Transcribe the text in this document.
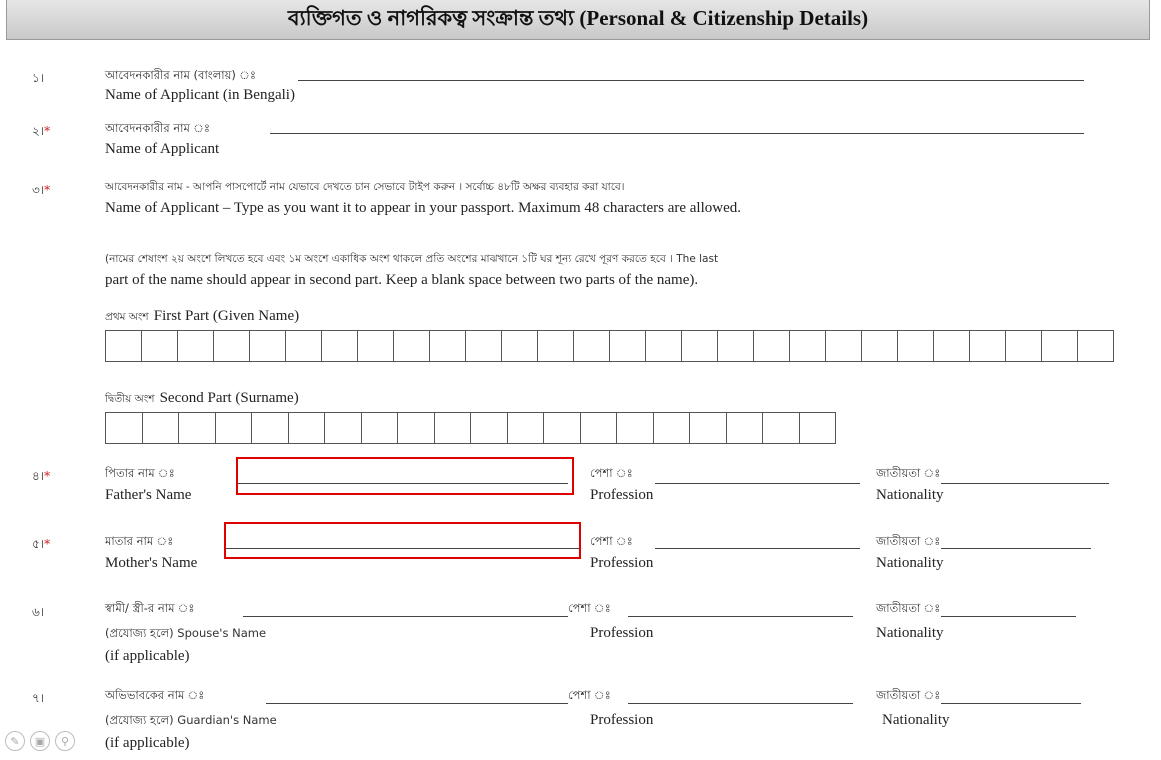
ব্যক্তিগত ও নাগরিকত্ব সংক্রান্ত তথ্য (Personal & Citizenship Details)
১।	আবেদনকারীর নাম (বাংলায়) ঃ
Name of Applicant (in Bengali)
২।*	আবেদনকারীর নাম ঃ
Name of Applicant
৩।*	আবেদনকারীর নাম - আপনি পাসপোর্টে নাম যেভাবে দেখতে চান সেভাবে টাইপ করুন । সর্বোচ্চ ৪৮টি অক্ষর ব্যবহার করা যাবে।
Name of Applicant – Type as you want it to appear in your passport. Maximum 48 characters are allowed.
(নামের শেষাংশ ২য় অংশে লিখতে হবে এবং ১ম অংশে একাধিক অংশ থাকলে প্রতি অংশের মাঝখানে ১টি ঘর শূন্য রেখে পূরণ করতে হবে । The last
part of the name should appear in second part. Keep a blank space between two parts of the name).
প্রথম অংশ First Part (Given Name)
দ্বিতীয় অংশ Second Part (Surname)
৪।*	পিতার নাম ঃ
Father's Name
পেশা ঃ
Profession
জাতীয়তা ঃ
Nationality
৫।*	মাতার নাম ঃ
Mother's Name
পেশা ঃ
Profession
জাতীয়তা ঃ
Nationality
৬।	স্বামী/ স্ত্রী-র নাম ঃ
(প্রযোজ্য হলে) Spouse's Name
(if applicable)
পেশা ঃ
Profession
জাতীয়তা ঃ
Nationality
৭।	অভিভাবকের নাম ঃ
(প্রযোজ্য হলে) Guardian's Name
(if applicable)
পেশা ঃ
Profession
জাতীয়তা ঃ
Nationality
✎	▣	⚲
